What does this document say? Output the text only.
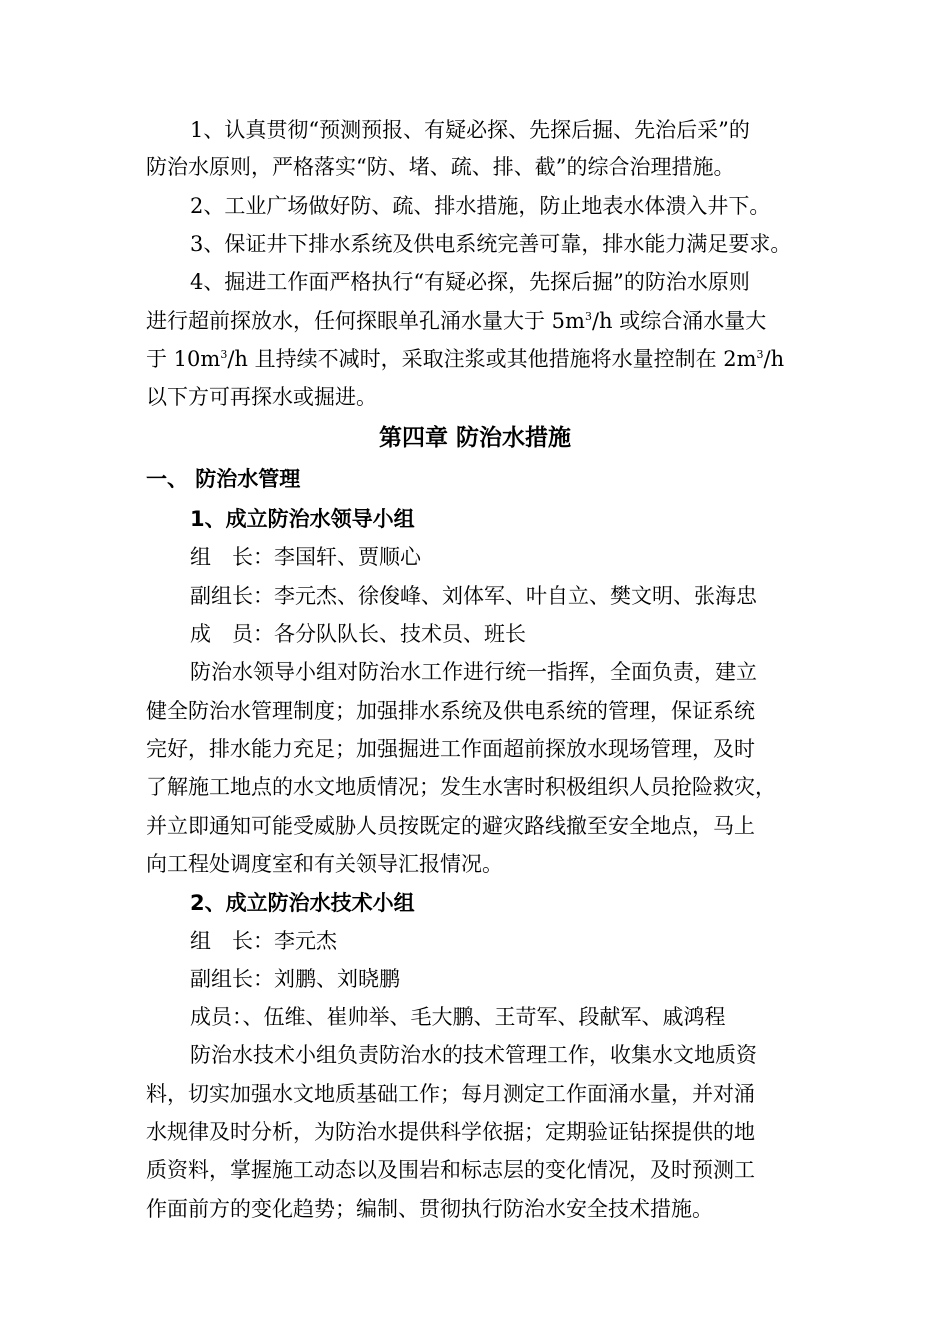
1、认真贯彻“预测预报、有疑必探、先探后掘、先治后采”的
防治水原则，严格落实“防、堵、疏、排、截”的综合治理措施。
2、工业广场做好防、疏、排水措施，防止地表水体溃入井下。
3、保证井下排水系统及供电系统完善可靠，排水能力满足要求。
4、掘进工作面严格执行“有疑必探，先探后掘”的防治水原则
进行超前探放水，任何探眼单孔涌水量大于 $5m^3/h$ 或综合涌水量大
于 $10m^3/h$ 且持续不减时，采取注浆或其他措施将水量控制在 $2m^3/h$
以下方可再探水或掘进。
第四章 防治水措施
一、 防治水管理
1、成立防治水领导小组
组　长：李国轩、贾顺心
副组长：李元杰、徐俊峰、刘体军、叶自立、樊文明、张海忠
成　员：各分队队长、技术员、班长
防治水领导小组对防治水工作进行统一指挥，全面负责，建立
健全防治水管理制度；加强排水系统及供电系统的管理，保证系统
完好，排水能力充足；加强掘进工作面超前探放水现场管理，及时
了解施工地点的水文地质情况；发生水害时积极组织人员抢险救灾，
并立即通知可能受威胁人员按既定的避灾路线撤至安全地点，马上
向工程处调度室和有关领导汇报情况。
2、成立防治水技术小组
组　长：李元杰
副组长：刘鹏、刘晓鹏
成员：、伍维、崔帅举、毛大鹏、王苛军、段献军、戚鸿程
防治水技术小组负责防治水的技术管理工作，收集水文地质资
料，切实加强水文地质基础工作；每月测定工作面涌水量，并对涌
水规律及时分析，为防治水提供科学依据；定期验证钻探提供的地
质资料，掌握施工动态以及围岩和标志层的变化情况，及时预测工
作面前方的变化趋势；编制、贯彻执行防治水安全技术措施。
